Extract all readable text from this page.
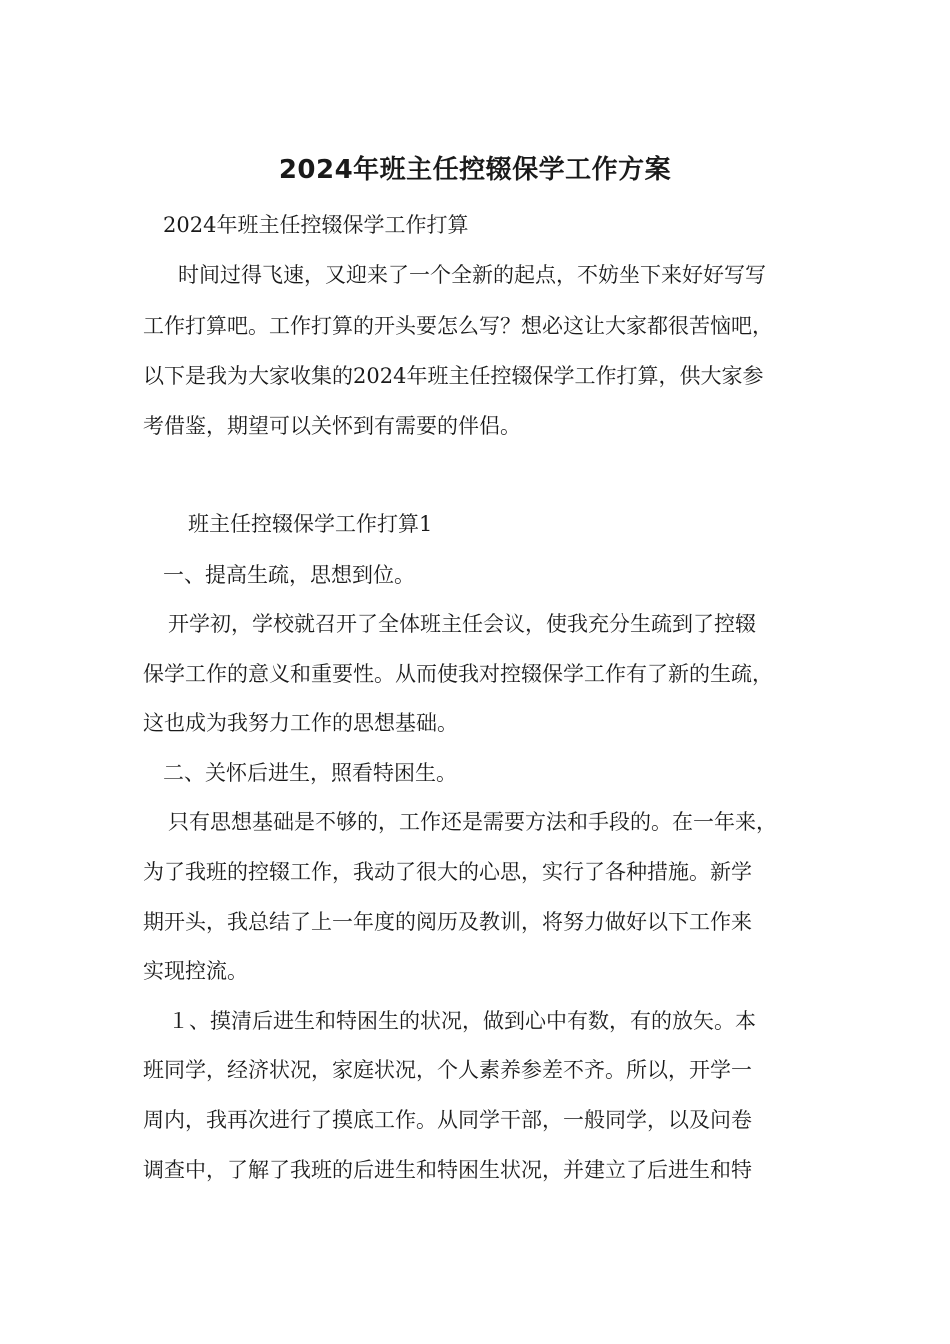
2024年班主任控辍保学工作方案
2024年班主任控辍保学工作打算
时间过得飞速，又迎来了一个全新的起点，不妨坐下来好好写写
工作打算吧。工作打算的开头要怎么写？想必这让大家都很苦恼吧，
以下是我为大家收集的2024年班主任控辍保学工作打算，供大家参
考借鉴，期望可以关怀到有需要的伴侣。
班主任控辍保学工作打算1
一、提高生疏，思想到位。
开学初，学校就召开了全体班主任会议，使我充分生疏到了控辍
保学工作的意义和重要性。从而使我对控辍保学工作有了新的生疏，
这也成为我努力工作的思想基础。
二、关怀后进生，照看特困生。
只有思想基础是不够的，工作还是需要方法和手段的。在一年来，
为了我班的控辍工作，我动了很大的心思，实行了各种措施。新学
期开头，我总结了上一年度的阅历及教训，将努力做好以下工作来
实现控流。
１、摸清后进生和特困生的状况，做到心中有数，有的放矢。本
班同学，经济状况，家庭状况，个人素养参差不齐。所以，开学一
周内，我再次进行了摸底工作。从同学干部，一般同学，以及问卷
调查中，了解了我班的后进生和特困生状况，并建立了后进生和特
